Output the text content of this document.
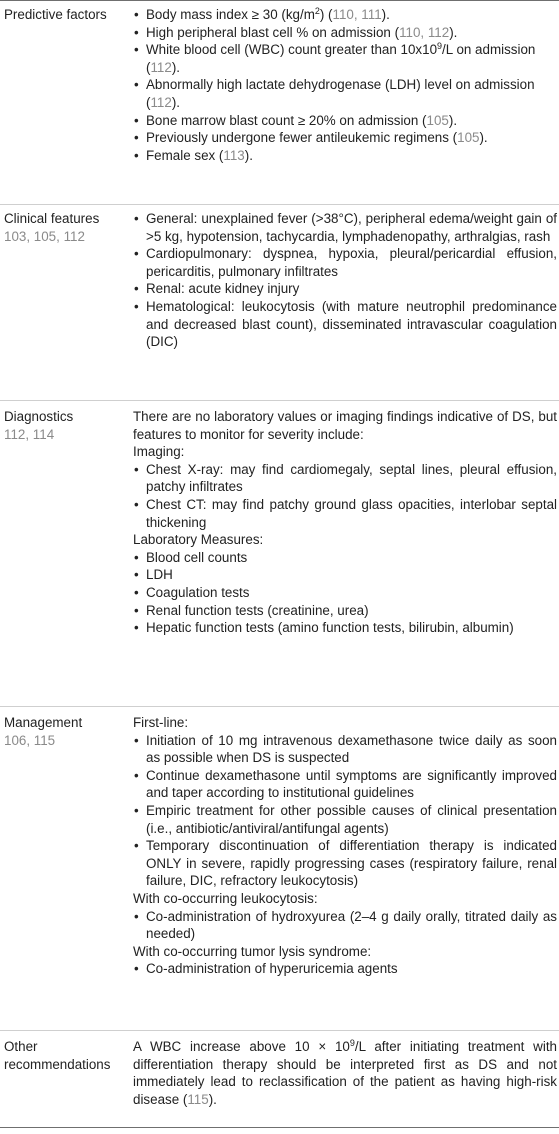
Predictive factors
•	Body mass index ≥ 30 $(kg/m^2)$ (110, 111).
• High peripheral blast cell % on admission (110, 112).
• White blood cell (WBC) count greater than $10x10^9/L$ on admission (112).
• Abnormally high lactate dehydrogenase (LDH) level on admission (112).
• Bone marrow blast count ≥ 20% on admission (105).
• Previously undergone fewer antileukemic regimens (105).
• Female sex (113).
Clinical features
103, 105, 112
• General: unexplained fever (>38°C), peripheral edema/weight gain of >5 kg, hypotension, tachycardia, lymphadenopathy, arthralgias, rash
• Cardiopulmonary: dyspnea, hypoxia, pleural/pericardial effusion, pericarditis, pulmonary infiltrates
• Renal: acute kidney injury
• Hematological: leukocytosis (with mature neutrophil predominance and decreased blast count), disseminated intravascular coagulation (DIC)
Diagnostics
112, 114

There are no laboratory values or imaging findings indicative of DS, but features to monitor for severity include:

Imaging:

• Chest X-ray: may find cardiomegaly, septal lines, pleural effusion, patchy infiltrates
• Chest CT: may find patchy ground glass opacities, interlobar septal thickening

Laboratory Measures:

• Blood cell counts
• LDH
• Coagulation tests
• Renal function tests (creatinine, urea)
• Hepatic function tests (amino function tests, bilirubin, albumin)
Management
106, 115

First-line:

• Initiation of 10 mg intravenous dexamethasone twice daily as soon as possible when DS is suspected
• Continue dexamethasone until symptoms are significantly improved and taper according to institutional guidelines
• Empiric treatment for other possible causes of clinical presentation (i.e., antibiotic/antiviral/antifungal agents)
• Temporary discontinuation of differentiation therapy is indicated ONLY in severe, rapidly progressing cases (respiratory failure, renal failure, DIC, refractory leukocytosis)

With co-occurring leukocytosis:

• Co-administration of hydroxyurea (2–4 g daily orally, titrated daily as needed)

With co-occurring tumor lysis syndrome:

• Co-administration of hyperuricemia agents
Other recommendations

A WBC increase above $10 \times 10^9/L$ after initiating treatment with differentiation therapy should be interpreted first as DS and not immediately lead to reclassification of the patient as having high-risk disease (115).
